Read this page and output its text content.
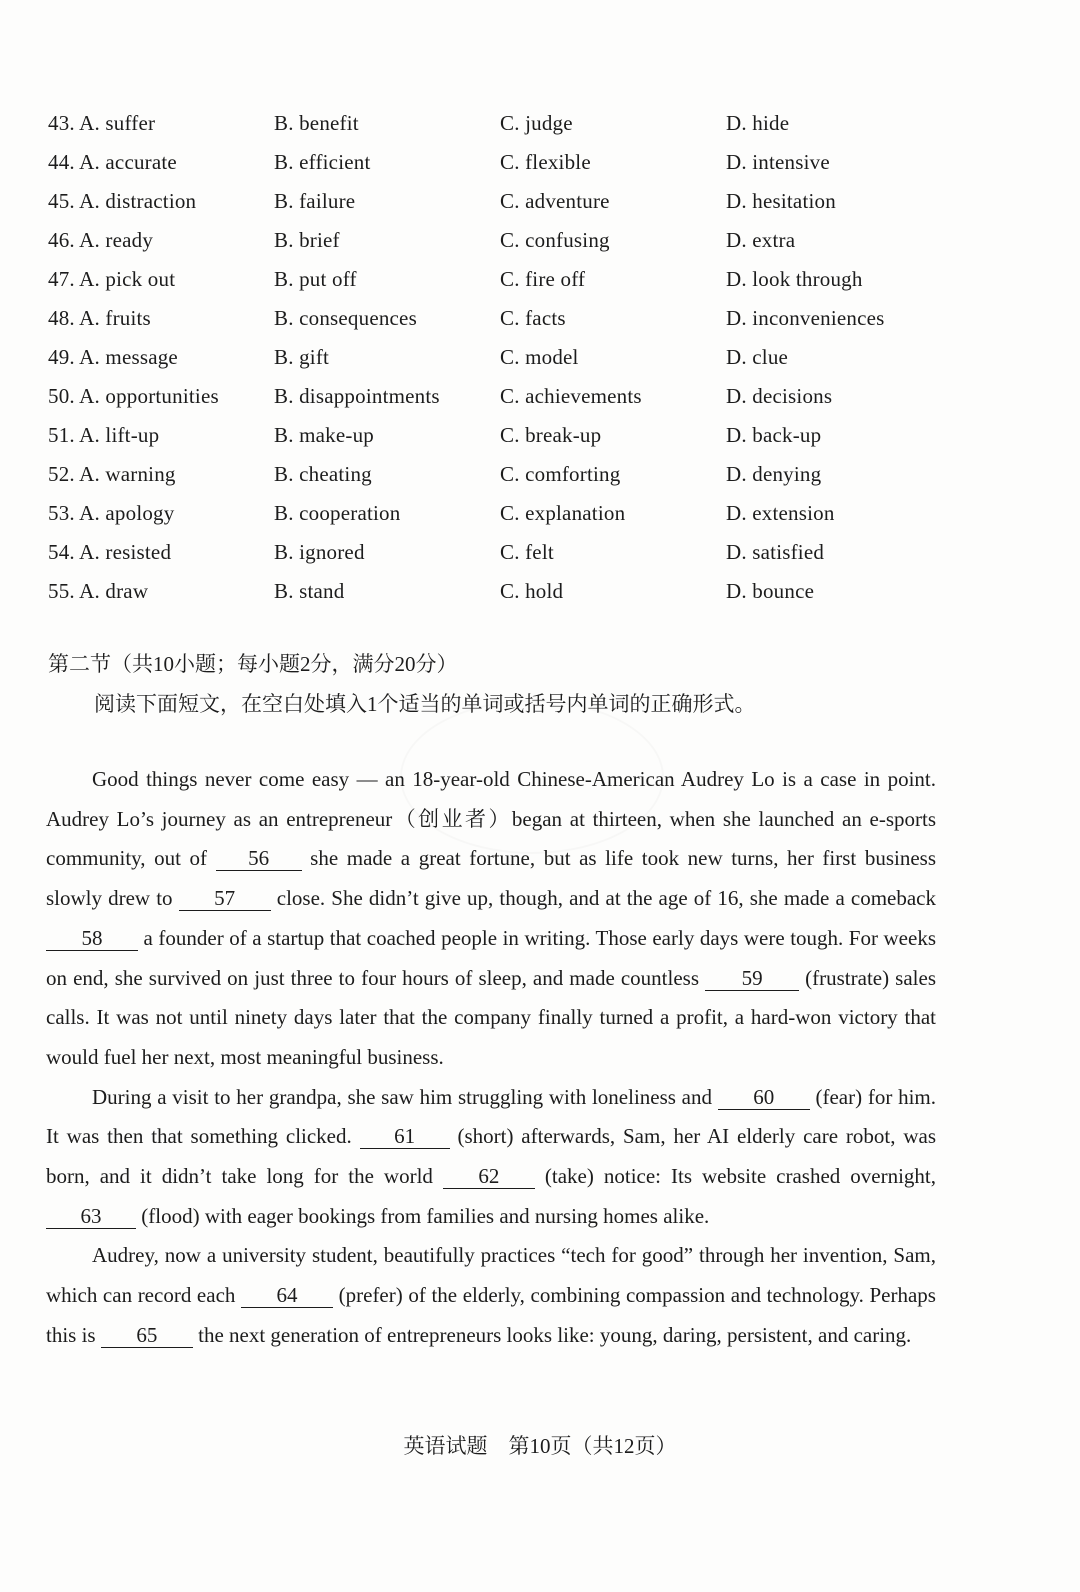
43. A. suffer	B. benefit	C. judge	D. hide
44. A. accurate	B. efficient	C. flexible	D. intensive
45. A. distraction	B. failure	C. adventure	D. hesitation
46. A. ready	B. brief	C. confusing	D. extra
47. A. pick out	B. put off	C. fire off	D. look through
48. A. fruits	B. consequences	C. facts	D. inconveniences
49. A. message	B. gift	C. model	D. clue
50. A. opportunities	B. disappointments	C. achievements	D. decisions
51. A. lift-up	B. make-up	C. break-up	D. back-up
52. A. warning	B. cheating	C. comforting	D. denying
53. A. apology	B. cooperation	C. explanation	D. extension
54. A. resisted	B. ignored	C. felt	D. satisfied
55. A. draw	B. stand	C. hold	D. bounce
第二节（共10小题；每小题2分，满分20分）
阅读下面短文，在空白处填入1个适当的单词或括号内单词的正确形式。

Good things never come easy — an 18-year-old Chinese-American Audrey Lo is a case in point. Audrey Lo’s journey as an entrepreneur（创业者）began at thirteen, when she launched an e-sports community, out of 56 she made a great fortune, but as life took new turns, her first business slowly drew to 57 close. She didn’t give up, though, and at the age of 16, she made a comeback 58 a founder of a startup that coached people in writing. Those early days were tough. For weeks on end, she survived on just three to four hours of sleep, and made countless 59 (frustrate) sales calls. It was not until ninety days later that the company finally turned a profit, a hard-won victory that would fuel her next, most meaningful business.

During a visit to her grandpa, she saw him struggling with loneliness and 60 (fear) for him. It was then that something clicked. 61 (short) afterwards, Sam, her AI elderly care robot, was born, and it didn’t take long for the world 62 (take) notice: Its website crashed overnight, 63 (flood) with eager bookings from families and nursing homes alike.

Audrey, now a university student, beautifully practices “tech for good” through her invention, Sam, which can record each 64 (prefer) of the elderly, combining compassion and technology. Perhaps this is 65 the next generation of entrepreneurs looks like: young, daring, persistent, and caring.

英语试题　第10页（共12页）
